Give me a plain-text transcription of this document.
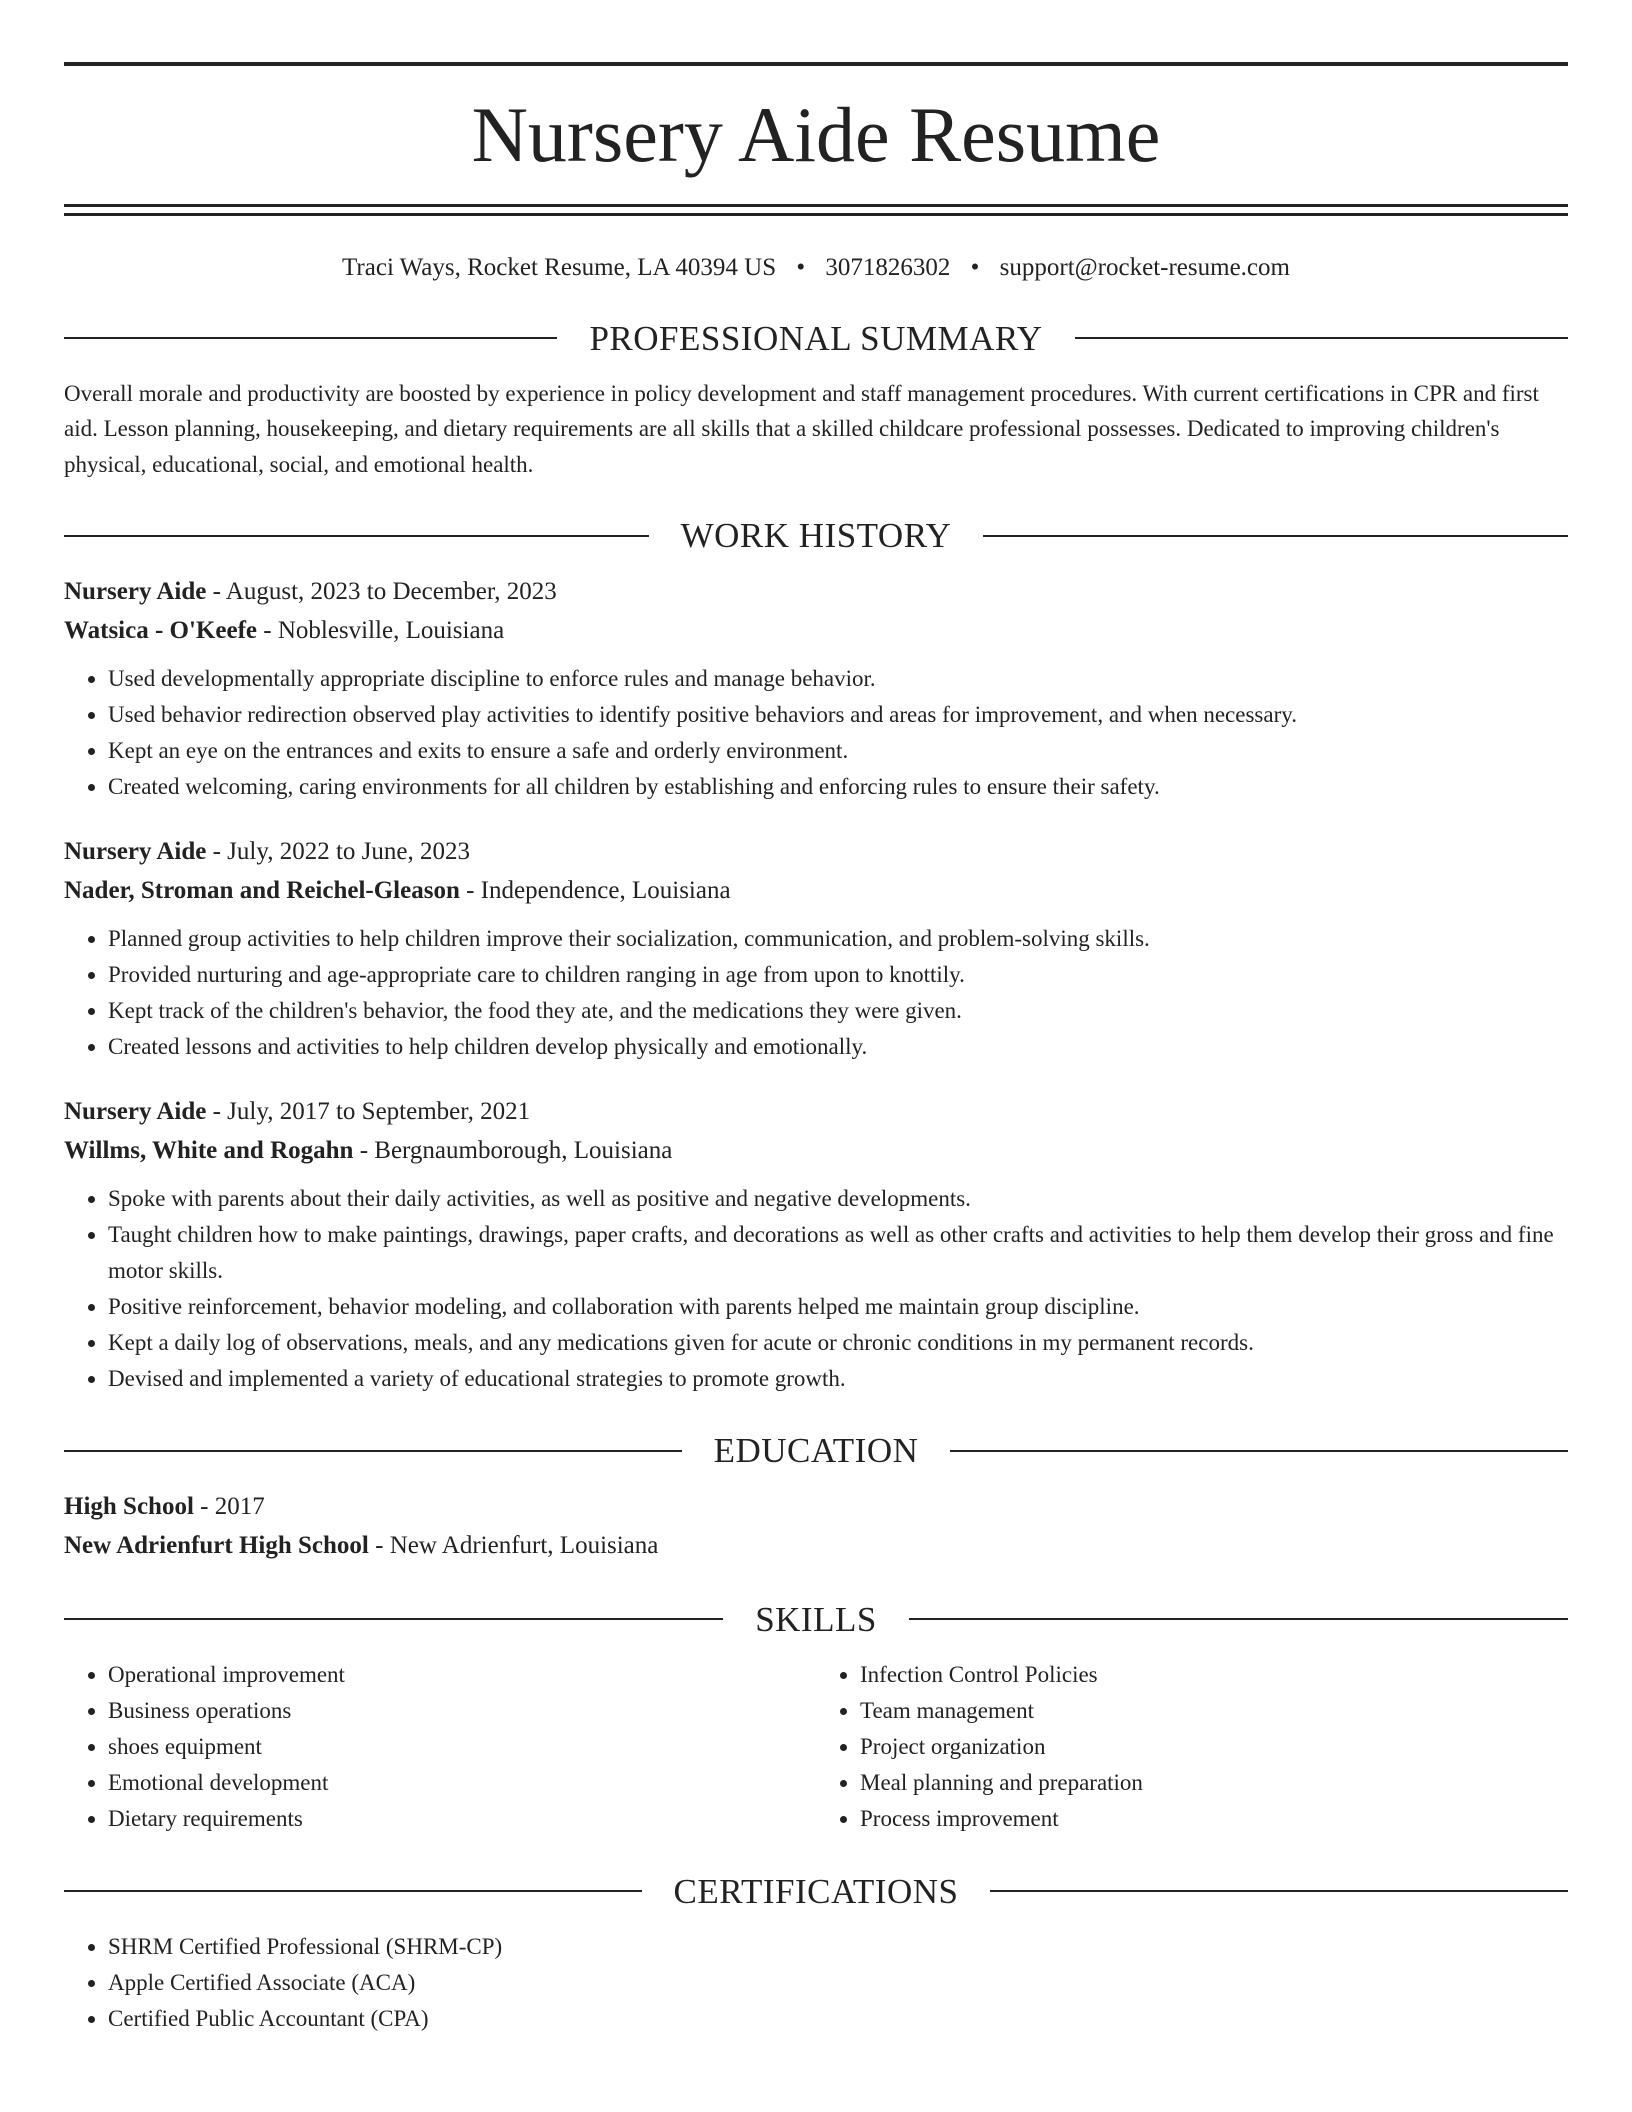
Nursery Aide Resume
Traci Ways, Rocket Resume, LA 40394 US • 3071826302 • support@rocket-resume.com
PROFESSIONAL SUMMARY

Overall morale and productivity are boosted by experience in policy development and staff management procedures. With current certifications in CPR and first aid. Lesson planning, housekeeping, and dietary requirements are all skills that a skilled childcare professional possesses. Dedicated to improving children's physical, educational, social, and emotional health.

WORK HISTORY
Nursery Aide - August, 2023 to December, 2023
Watsica - O'Keefe - Noblesville, Louisiana
• Used developmentally appropriate discipline to enforce rules and manage behavior.
• Used behavior redirection observed play activities to identify positive behaviors and areas for improvement, and when necessary.
• Kept an eye on the entrances and exits to ensure a safe and orderly environment.
• Created welcoming, caring environments for all children by establishing and enforcing rules to ensure their safety.
Nursery Aide - July, 2022 to June, 2023
Nader, Stroman and Reichel-Gleason - Independence, Louisiana
• Planned group activities to help children improve their socialization, communication, and problem-solving skills.
• Provided nurturing and age-appropriate care to children ranging in age from upon to knottily.
• Kept track of the children's behavior, the food they ate, and the medications they were given.
• Created lessons and activities to help children develop physically and emotionally.
Nursery Aide - July, 2017 to September, 2021
Willms, White and Rogahn - Bergnaumborough, Louisiana
• Spoke with parents about their daily activities, as well as positive and negative developments.
• Taught children how to make paintings, drawings, paper crafts, and decorations as well as other crafts and activities to help them develop their gross and fine motor skills.
• Positive reinforcement, behavior modeling, and collaboration with parents helped me maintain group discipline.
• Kept a daily log of observations, meals, and any medications given for acute or chronic conditions in my permanent records.
• Devised and implemented a variety of educational strategies to promote growth.
EDUCATION
High School - 2017
New Adrienfurt High School - New Adrienfurt, Louisiana
SKILLS
• Operational improvement
• Business operations
• shoes equipment
• Emotional development
• Dietary requirements
• Infection Control Policies
• Team management
• Project organization
• Meal planning and preparation
• Process improvement
CERTIFICATIONS
• SHRM Certified Professional (SHRM-CP)
• Apple Certified Associate (ACA)
• Certified Public Accountant (CPA)
